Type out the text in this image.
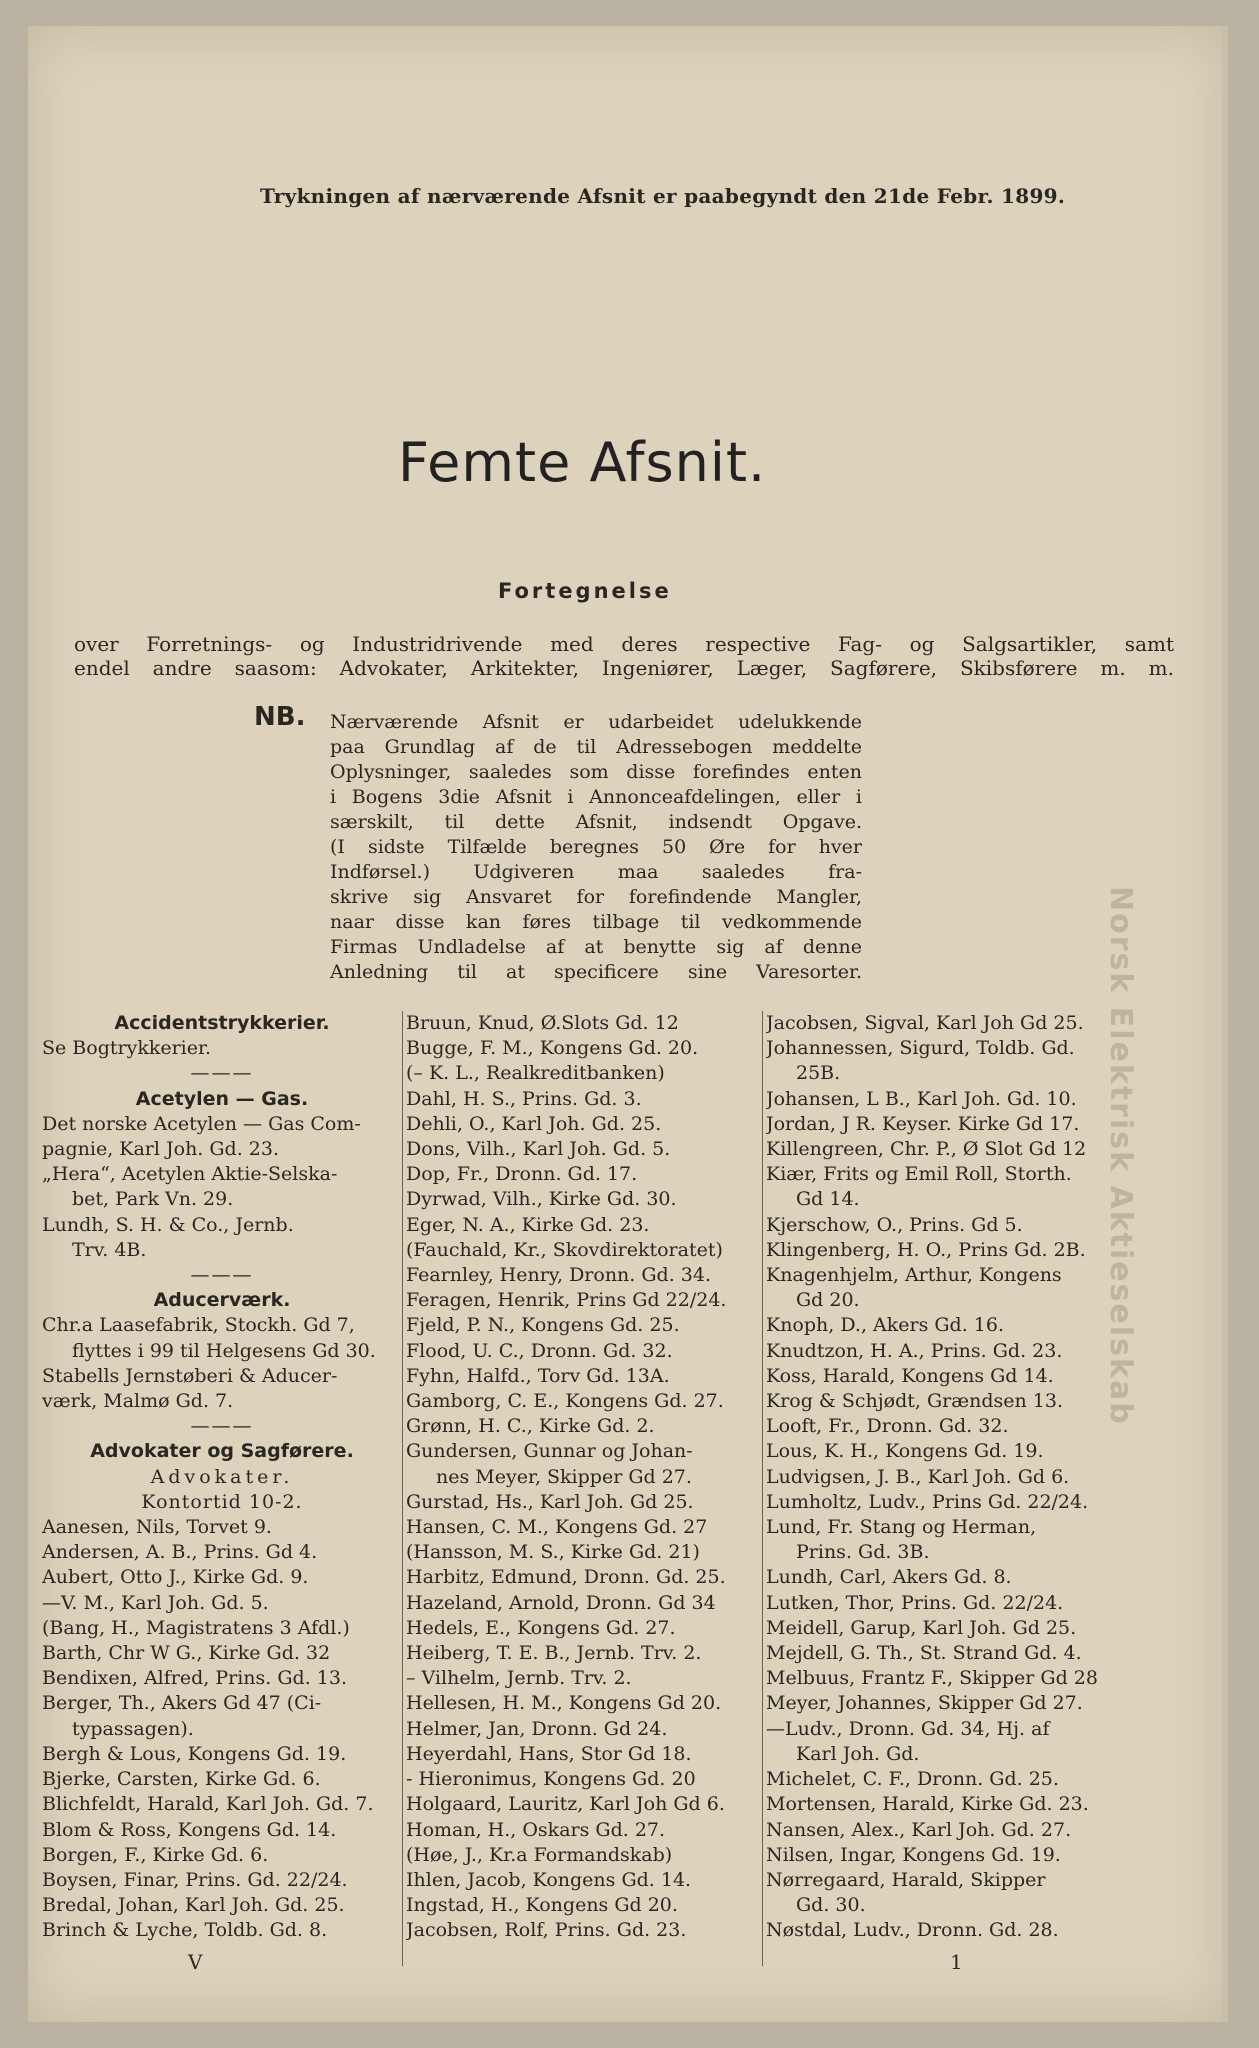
Trykningen af nærværende Afsnit er paabegyndt den 21de Febr. 1899.
Femte Afsnit.
Fortegnelse
over Forretnings- og Industridrivende med deres respective Fag- og Salgsartikler, samt
endel andre saasom: Advokater, Arkitekter, Ingeniører, Læger, Sagførere, Skibsførere m. m.
NB. Nærværende Afsnit er udarbeidet udelukkende
paa Grundlag af de til Adressebogen meddelte
Oplysninger, saaledes som disse forefindes enten
i Bogens 3die Afsnit i Annonceafdelingen, eller i
særskilt, til dette Afsnit, indsendt Opgave.
(I sidste Tilfælde beregnes 50 Øre for hver
Indførsel.) Udgiveren maa saaledes fra-
skrive sig Ansvaret for forefindende Mangler,
naar disse kan føres tilbage til vedkommende
Firmas Undladelse af at benytte sig af denne
Anledning til at specificere sine Varesorter.
Accidentstrykkerier.
Se Bogtrykkerier.
———
Acetylen — Gas.
Det norske Acetylen — Gas Com-
pagnie, Karl Joh. Gd. 23.
„Hera“, Acetylen Aktie-Selska-
bet, Park Vn. 29.
Lundh, S. H. & Co., Jernb.
Trv. 4B.
———
Aducerværk.
Chr.a Laasefabrik, Stockh. Gd 7,
flyttes i 99 til Helgesens Gd 30.
Stabells Jernstøberi & Aducer-
værk, Malmø Gd. 7.
———
Advokater og Sagførere.
Advokater.
Kontortid 10-2.
Aanesen, Nils, Torvet 9.
Andersen, A. B., Prins. Gd 4.
Aubert, Otto J., Kirke Gd. 9.
—V. M., Karl Joh. Gd. 5.
(Bang, H., Magistratens 3 Afdl.)
Barth, Chr W G., Kirke Gd. 32
Bendixen, Alfred, Prins. Gd. 13.
Berger, Th., Akers Gd 47 (Ci-
typassagen).
Bergh & Lous, Kongens Gd. 19.
Bjerke, Carsten, Kirke Gd. 6.
Blichfeldt, Harald, Karl Joh. Gd. 7.
Blom & Ross, Kongens Gd. 14.
Borgen, F., Kirke Gd. 6.
Boysen, Finar, Prins. Gd. 22/24.
Bredal, Johan, Karl Joh. Gd. 25.
Brinch & Lyche, Toldb. Gd. 8.
Bruun, Knud, Ø.Slots Gd. 12
Bugge, F. M., Kongens Gd. 20.
(– K. L., Realkreditbanken)
Dahl, H. S., Prins. Gd. 3.
Dehli, O., Karl Joh. Gd. 25.
Dons, Vilh., Karl Joh. Gd. 5.
Dop, Fr., Dronn. Gd. 17.
Dyrwad, Vilh., Kirke Gd. 30.
Eger, N. A., Kirke Gd. 23.
(Fauchald, Kr., Skovdirektoratet)
Fearnley, Henry, Dronn. Gd. 34.
Feragen, Henrik, Prins Gd 22/24.
Fjeld, P. N., Kongens Gd. 25.
Flood, U. C., Dronn. Gd. 32.
Fyhn, Halfd., Torv Gd. 13A.
Gamborg, C. E., Kongens Gd. 27.
Grønn, H. C., Kirke Gd. 2.
Gundersen, Gunnar og Johan-
nes Meyer, Skipper Gd 27.
Gurstad, Hs., Karl Joh. Gd 25.
Hansen, C. M., Kongens Gd. 27
(Hansson, M. S., Kirke Gd. 21)
Harbitz, Edmund, Dronn. Gd. 25.
Hazeland, Arnold, Dronn. Gd 34
Hedels, E., Kongens Gd. 27.
Heiberg, T. E. B., Jernb. Trv. 2.
– Vilhelm, Jernb. Trv. 2.
Hellesen, H. M., Kongens Gd 20.
Helmer, Jan, Dronn. Gd 24.
Heyerdahl, Hans, Stor Gd 18.
- Hieronimus, Kongens Gd. 20
Holgaard, Lauritz, Karl Joh Gd 6.
Homan, H., Oskars Gd. 27.
(Høe, J., Kr.a Formandskab)
Ihlen, Jacob, Kongens Gd. 14.
Ingstad, H., Kongens Gd 20.
Jacobsen, Rolf, Prins. Gd. 23.
Jacobsen, Sigval, Karl Joh Gd 25.
Johannessen, Sigurd, Toldb. Gd.
25B.
Johansen, L B., Karl Joh. Gd. 10.
Jordan, J R. Keyser. Kirke Gd 17.
Killengreen, Chr. P., Ø Slot Gd 12
Kiær, Frits og Emil Roll, Storth.
Gd 14.
Kjerschow, O., Prins. Gd 5.
Klingenberg, H. O., Prins Gd. 2B.
Knagenhjelm, Arthur, Kongens
Gd 20.
Knoph, D., Akers Gd. 16.
Knudtzon, H. A., Prins. Gd. 23.
Koss, Harald, Kongens Gd 14.
Krog & Schjødt, Grændsen 13.
Looft, Fr., Dronn. Gd. 32.
Lous, K. H., Kongens Gd. 19.
Ludvigsen, J. B., Karl Joh. Gd 6.
Lumholtz, Ludv., Prins Gd. 22/24.
Lund, Fr. Stang og Herman,
Prins. Gd. 3B.
Lundh, Carl, Akers Gd. 8.
Lutken, Thor, Prins. Gd. 22/24.
Meidell, Garup, Karl Joh. Gd 25.
Mejdell, G. Th., St. Strand Gd. 4.
Melbuus, Frantz F., Skipper Gd 28
Meyer, Johannes, Skipper Gd 27.
—Ludv., Dronn. Gd. 34, Hj. af
Karl Joh. Gd.
Michelet, C. F., Dronn. Gd. 25.
Mortensen, Harald, Kirke Gd. 23.
Nansen, Alex., Karl Joh. Gd. 27.
Nilsen, Ingar, Kongens Gd. 19.
Nørregaard, Harald, Skipper
Gd. 30.
Nøstdal, Ludv., Dronn. Gd. 28.
V	1
Norsk Elektrisk Aktieselskab
